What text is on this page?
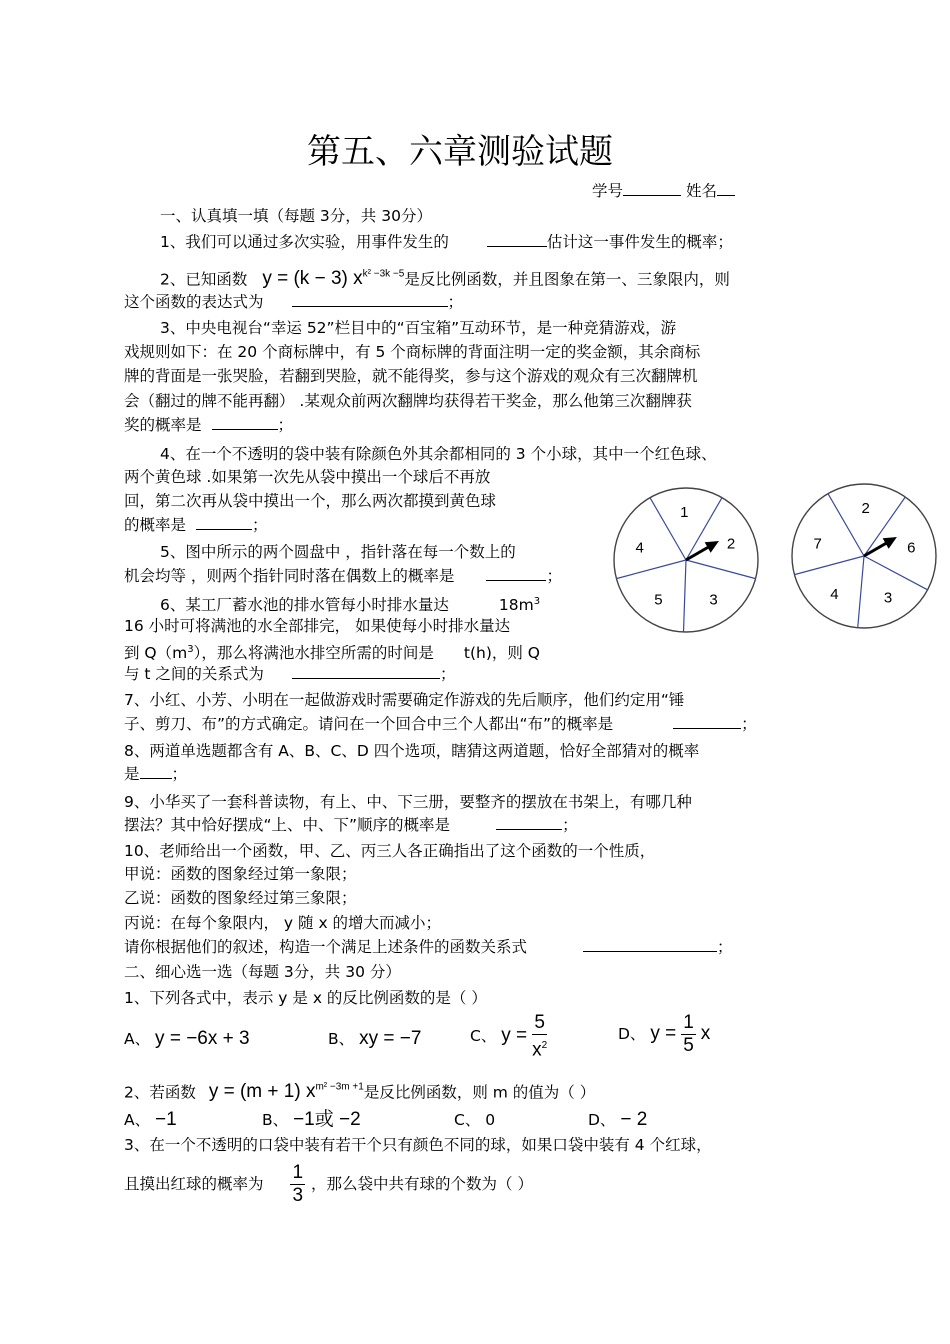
第五、六章测验试题
学号	姓名
一、认真填一填（每题 3分，共 30分）
1、我们可以通过多次实验，用事件发生的	估计这一事件发生的概率；
2、已知函数 y = (k − 3) $x^{k^2 -3k -5}$是反比例函数，并且图象在第一、三象限内，则
这个函数的表达式为	；
3、中央电视台“幸运 52”栏目中的“百宝箱”互动环节，是一种竞猜游戏，游
戏规则如下：在 20 个商标牌中，有 5 个商标牌的背面注明一定的奖金额，其余商标
牌的背面是一张哭脸，若翻到哭脸，就不能得奖，参与这个游戏的观众有三次翻牌机
会（翻过的牌不能再翻） .某观众前两次翻牌均获得若干奖金，那么他第三次翻牌获
奖的概率是	；
4、在一个不透明的袋中装有除颜色外其余都相同的 3 个小球，其中一个红色球、
两个黄色球 .如果第一次先从袋中摸出一个球后不再放
回，第二次再从袋中摸出一个，那么两次都摸到黄色球
的概率是	；
5、图中所示的两个圆盘中 ，指针落在每一个数上的
机会均等 ，则两个指针同时落在偶数上的概率是	；
6、某工厂蓄水池的排水管每小时排水量达	$18m^3$
16 小时可将满池的水全部排完， 如果使每小时排水量达
到 $Q(m^3)$，那么将满池水排空所需的时间是 t(h)，则 Q
与 t 之间的关系式为	；
7、小红、小芳、小明在一起做游戏时需要确定作游戏的先后顺序，他们约定用“锤
子、剪刀、布”的方式确定。请问在一个回合中三个人都出“布”的概率是	；
8、两道单选题都含有 A、B、C、D 四个选项，瞎猜这两道题，恰好全部猜对的概率
是 ；
9、小华买了一套科普读物，有上、中、下三册，要整齐的摆放在书架上，有哪几种
摆法？其中恰好摆成“上、中、下”顺序的概率是	；
10、老师给出一个函数，甲、乙、丙三人各正确指出了这个函数的一个性质，
甲说：函数的图象经过第一象限；
乙说：函数的图象经过第三象限；
丙说：在每个象限内， y 随 x 的增大而减小；
请你根据他们的叙述，构造一个满足上述条件的函数关系式	；
1
2
3
5
4
2
6
3
4
7
二、细心选一选（每题 3分，共 30 分）
1、下列各式中，表示 y 是 x 的反比例函数的是（ ）
A、 y = −6x + 3	B、 xy = −7	C、 $y = \frac{5}{x^2}$	D、 $y = \frac{1}{5}$ x
2、若函数 y = (m + 1) $x^{m^2 -3m +1}$是反比例函数，则 m 的值为（ ）
A、 −1	B、 −1或 −2	C、 0	D、 − 2
3、在一个不透明的口袋中装有若干个只有颜色不同的球，如果口袋中装有 4 个红球，
且摸出红球的概率为 $\frac{1}{3}$ ，那么袋中共有球的个数为（ ）
